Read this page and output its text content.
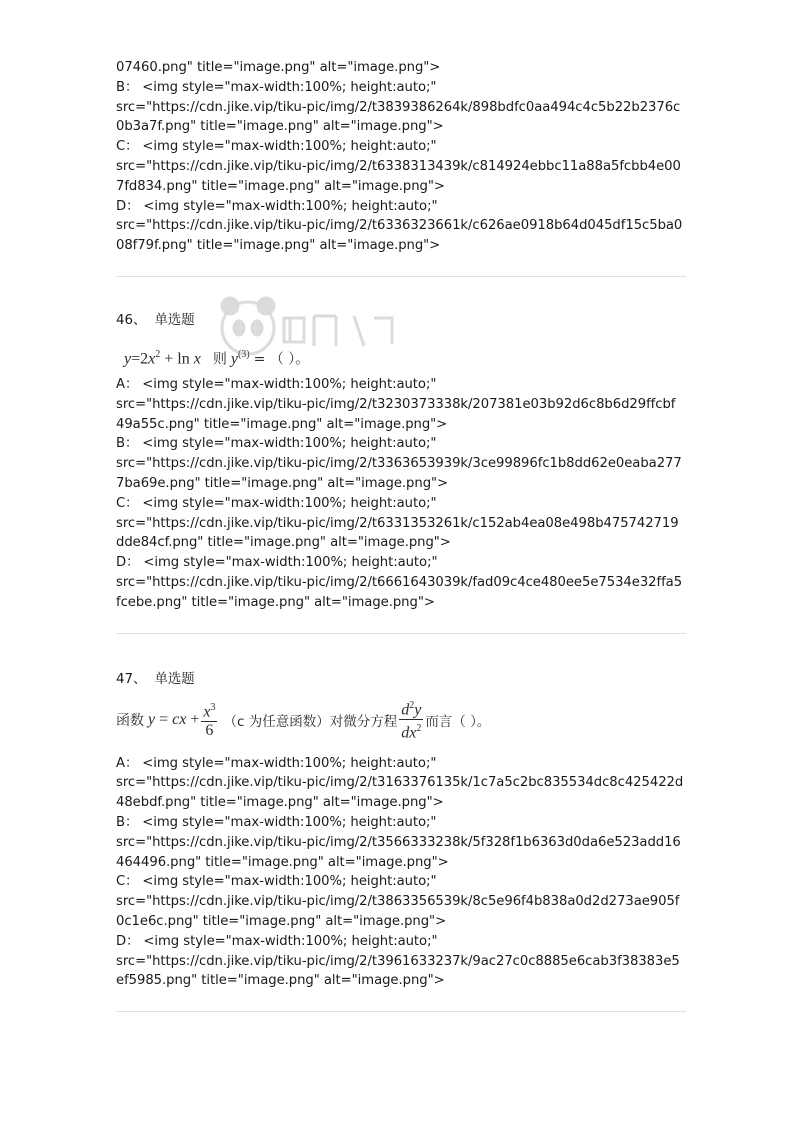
07460.png" title="image.png" alt="image.png">
B： <img style="max-width:100%; height:auto;"
src="https://cdn.jike.vip/tiku-pic/img/2/t3839386264k/898bdfc0aa494c4c5b22b2376c
0b3a7f.png" title="image.png" alt="image.png">
C： <img style="max-width:100%; height:auto;"
src="https://cdn.jike.vip/tiku-pic/img/2/t6338313439k/c814924ebbc11a88a5fcbb4e00
7fd834.png" title="image.png" alt="image.png">
D： <img style="max-width:100%; height:auto;"
src="https://cdn.jike.vip/tiku-pic/img/2/t6336323661k/c626ae0918b64d045df15c5ba0
08f79f.png" title="image.png" alt="image.png">
46、 单选题
$y=2x^2 + \ln x$ 则 $y^{(3)}$ = （ ）。
A： <img style="max-width:100%; height:auto;"
src="https://cdn.jike.vip/tiku-pic/img/2/t3230373338k/207381e03b92d6c8b6d29ffcbf
49a55c.png" title="image.png" alt="image.png">
B： <img style="max-width:100%; height:auto;"
src="https://cdn.jike.vip/tiku-pic/img/2/t3363653939k/3ce99896fc1b8dd62e0eaba277
7ba69e.png" title="image.png" alt="image.png">
C： <img style="max-width:100%; height:auto;"
src="https://cdn.jike.vip/tiku-pic/img/2/t6331353261k/c152ab4ea08e498b475742719
dde84cf.png" title="image.png" alt="image.png">
D： <img style="max-width:100%; height:auto;"
src="https://cdn.jike.vip/tiku-pic/img/2/t6661643039k/fad09c4ce480ee5e7534e32ffa5
fcebe.png" title="image.png" alt="image.png">
47、 单选题
函数
y
=
cx
+ $\frac{x^3}{6}$
（c 为任意函数）对微分方程 $\frac{d^2y}{dx^2}$ 而言（ ）。
A： <img style="max-width:100%; height:auto;"
src="https://cdn.jike.vip/tiku-pic/img/2/t3163376135k/1c7a5c2bc835534dc8c425422d
48ebdf.png" title="image.png" alt="image.png">
B： <img style="max-width:100%; height:auto;"
src="https://cdn.jike.vip/tiku-pic/img/2/t3566333238k/5f328f1b6363d0da6e523add16
464496.png" title="image.png" alt="image.png">
C： <img style="max-width:100%; height:auto;"
src="https://cdn.jike.vip/tiku-pic/img/2/t3863356539k/8c5e96f4b838a0d2d273ae905f
0c1e6c.png" title="image.png" alt="image.png">
D： <img style="max-width:100%; height:auto;"
src="https://cdn.jike.vip/tiku-pic/img/2/t3961633237k/9ac27c0c8885e6cab3f38383e5
ef5985.png" title="image.png" alt="image.png">
